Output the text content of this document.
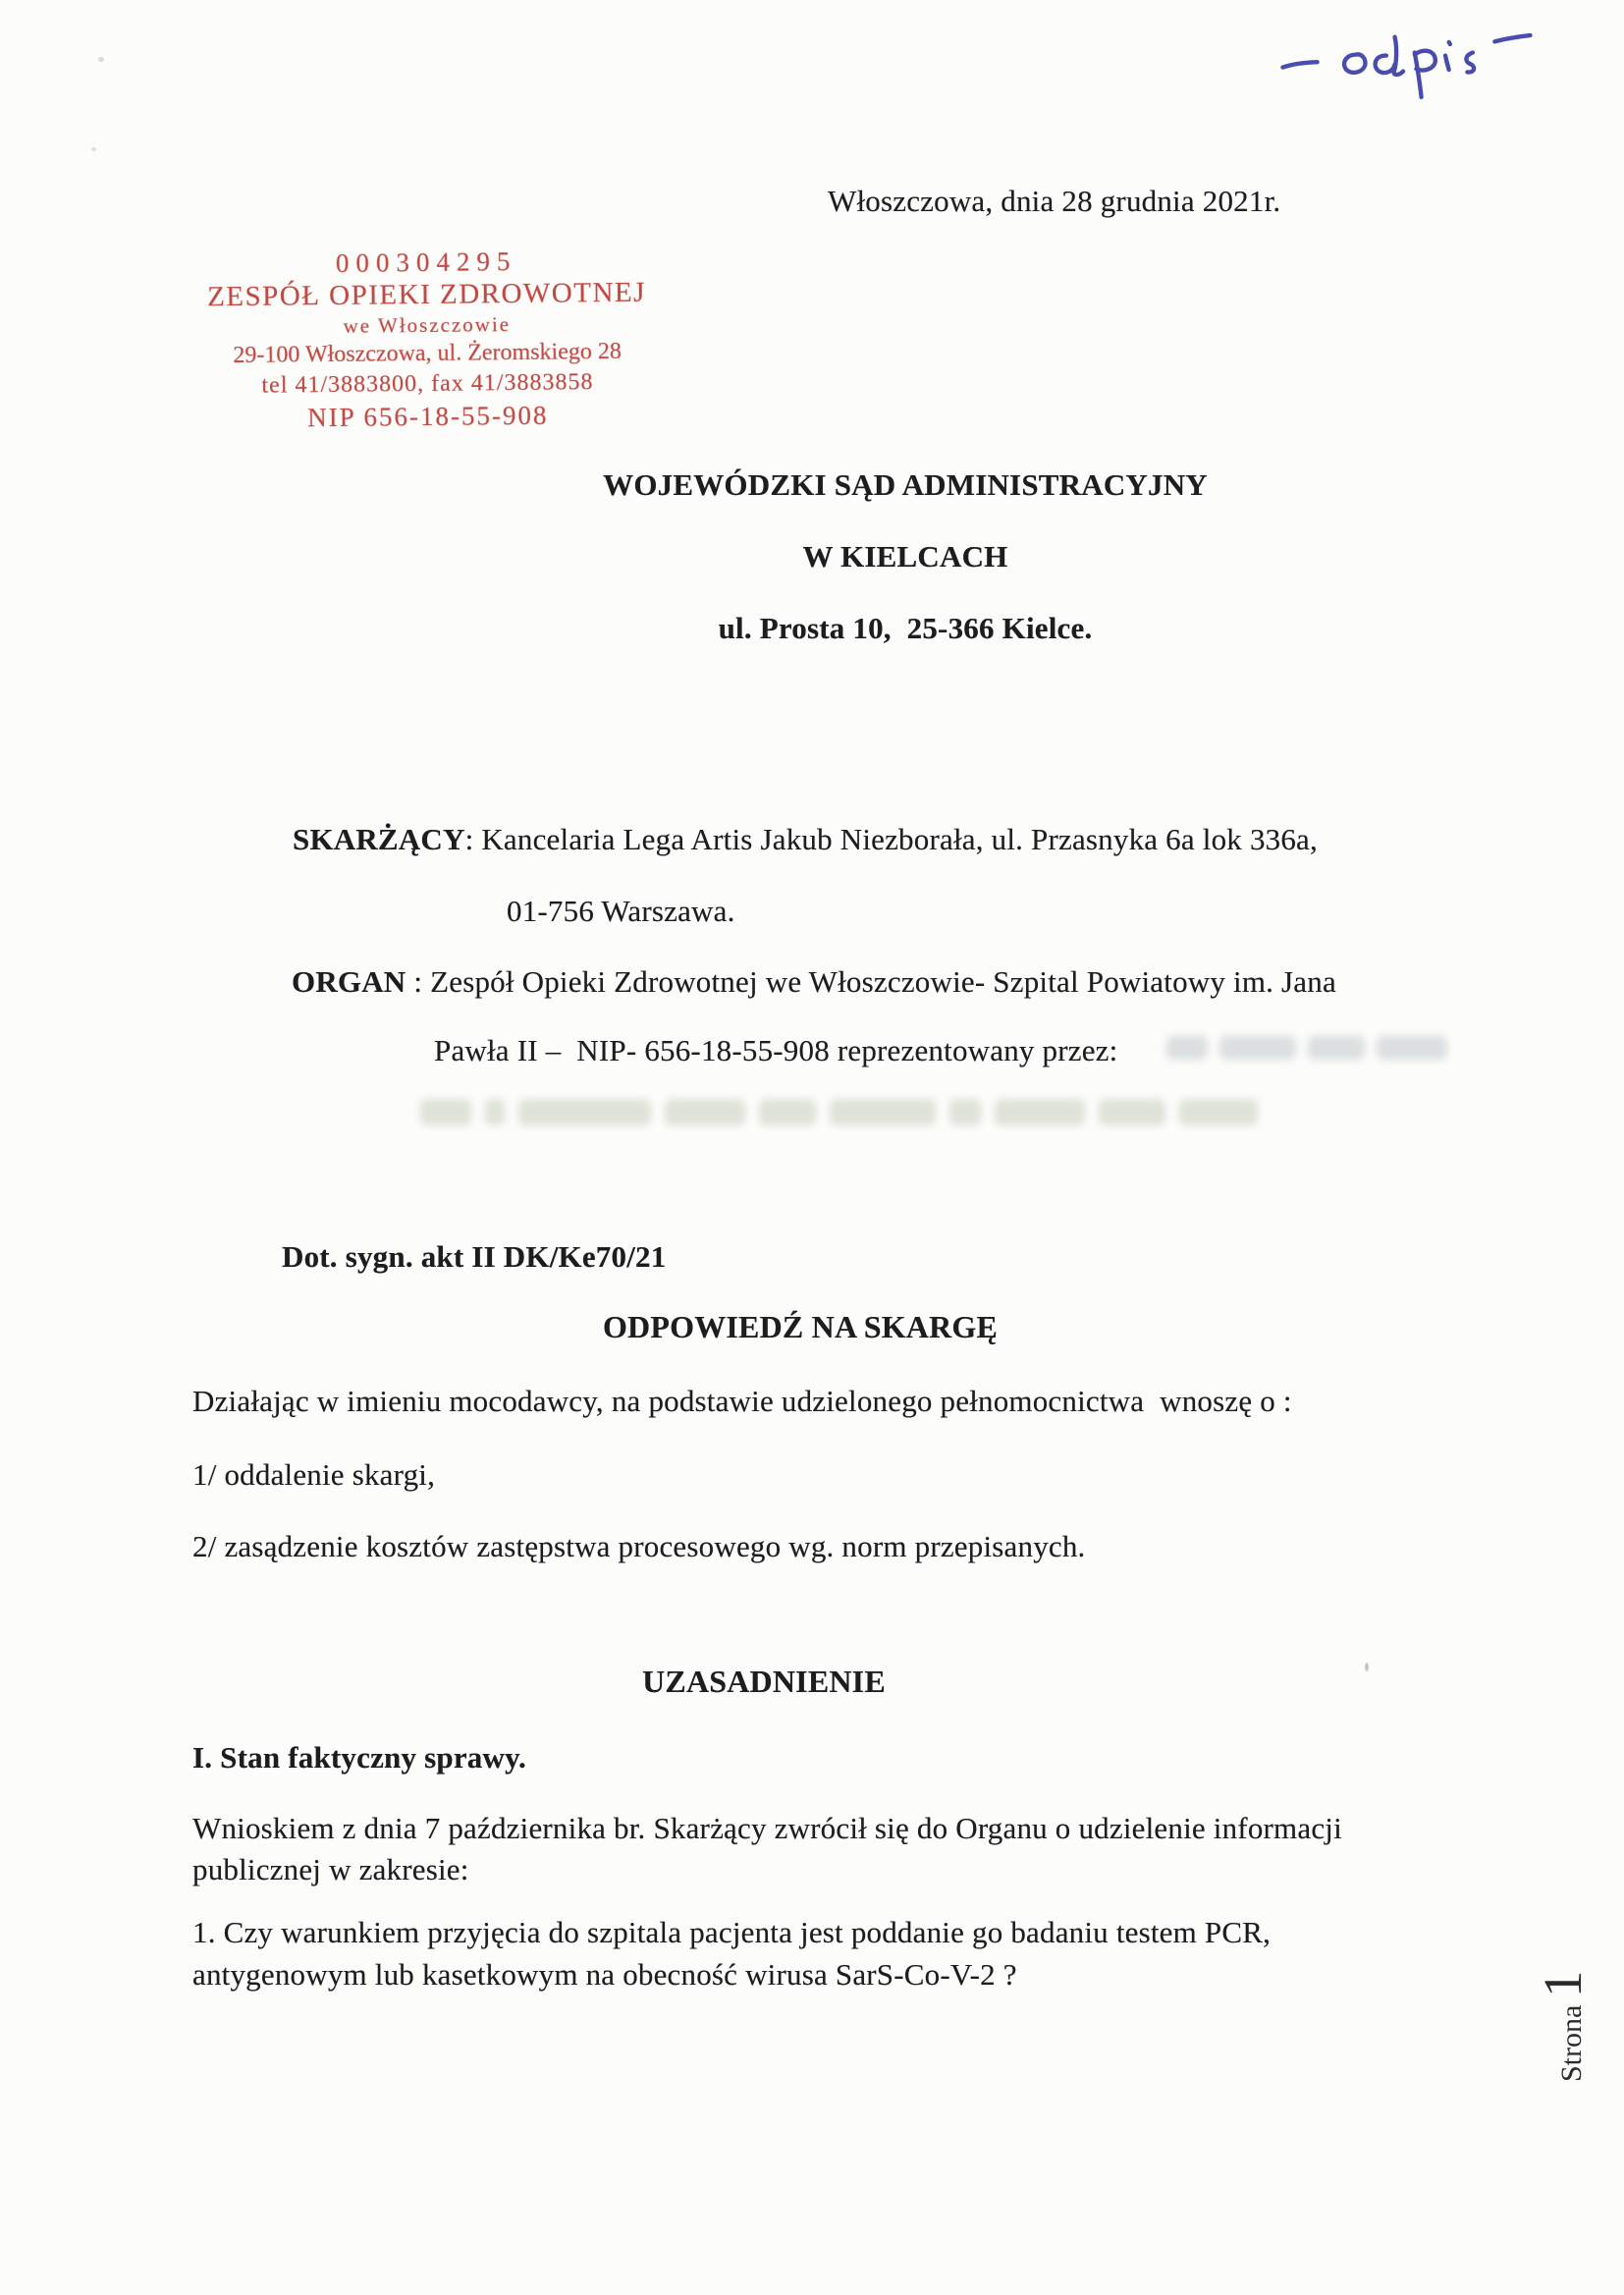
Włoszczowa, dnia 28 grudnia 2021r.
000304295
ZESPÓŁ OPIEKI ZDROWOTNEJ
we Włoszczowie
29-100 Włoszczowa, ul. Żeromskiego 28
tel 41/3883800, fax 41/3883858
NIP 656-18-55-908
WOJEWÓDZKI SĄD ADMINISTRACYJNY
W KIELCACH
ul. Prosta 10,  25-366 Kielce.
SKARŻĄCY: Kancelaria Lega Artis Jakub Niezborała, ul. Przasnyka 6a lok 336a,
01-756 Warszawa.
ORGAN : Zespół Opieki Zdrowotnej we Włoszczowie- Szpital Powiatowy im. Jana
Pawła II –  NIP- 656-18-55-908 reprezentowany przez:
Dot. sygn. akt II DK/Ke70/21
ODPOWIEDŹ NA SKARGĘ
Działając w imieniu mocodawcy, na podstawie udzielonego pełnomocnictwa  wnoszę o :
1/ oddalenie skargi,
2/ zasądzenie kosztów zastępstwa procesowego wg. norm przepisanych.
UZASADNIENIE
I. Stan faktyczny sprawy.
Wnioskiem z dnia 7 października br. Skarżący zwrócił się do Organu o udzielenie informacji
publicznej w zakresie:
1. Czy warunkiem przyjęcia do szpitala pacjenta jest poddanie go badaniu testem PCR,
antygenowym lub kasetkowym na obecność wirusa SarS-Co-V-2 ?
Strona 1
